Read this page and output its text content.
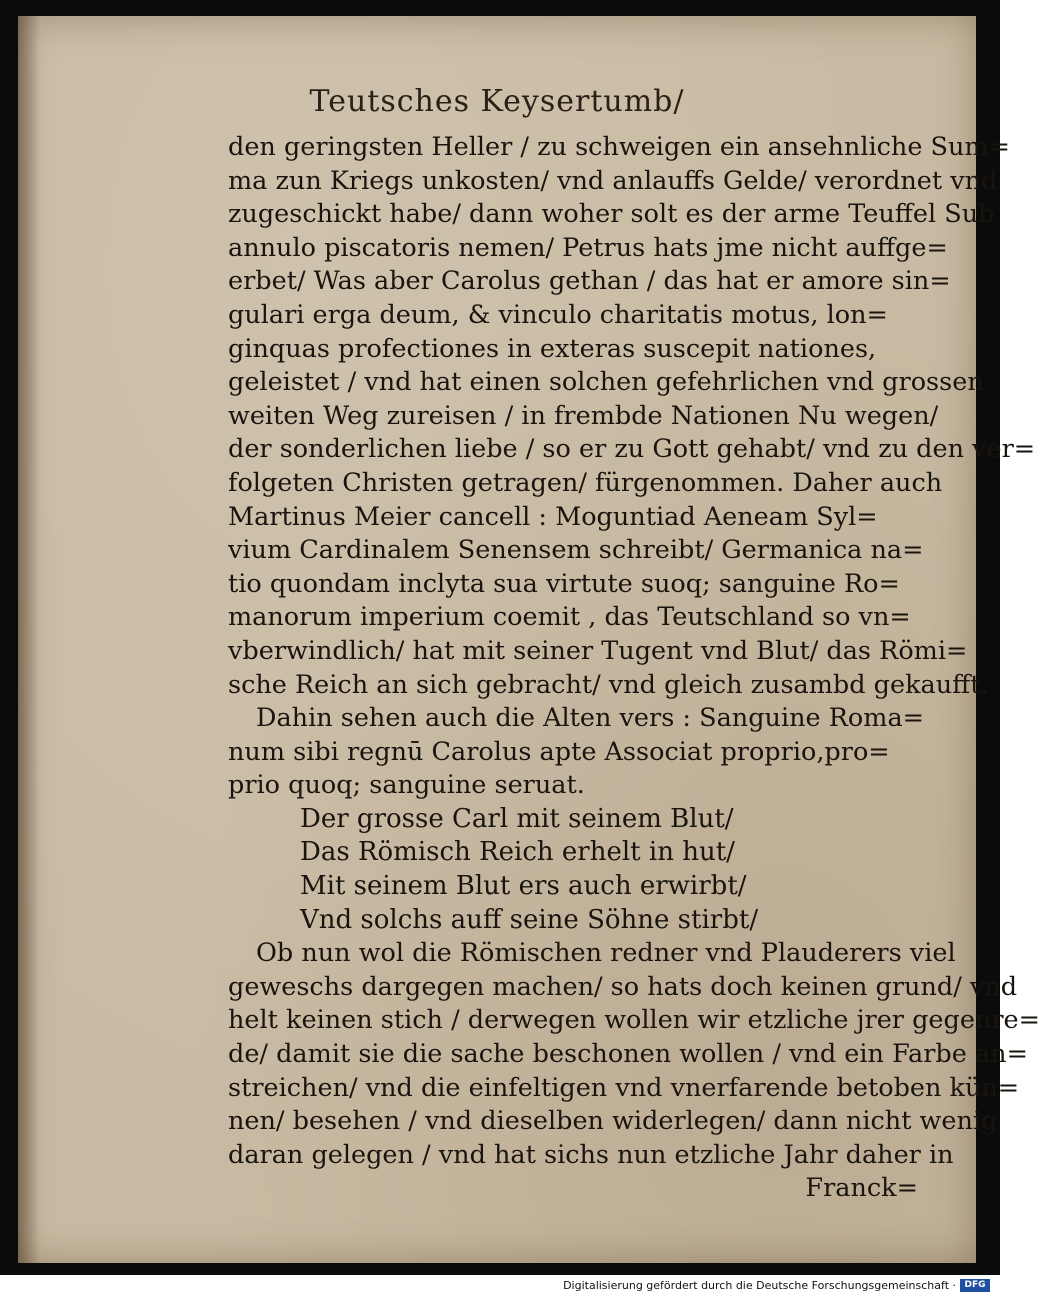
Teutsches Keysertumb/
den geringsten Heller / zu schweigen ein ansehnliche Sum=
ma zun Kriegs unkosten/ vnd anlauffs Gelde/ verordnet vnd
zugeschickt habe/ dann woher solt es der arme Teuffel Sub
annulo piscatoris nemen/ Petrus hats jme nicht auffge=
erbet/ Was aber Carolus gethan / das hat er amore sin=
gulari erga deum, & vinculo charitatis motus, lon=
ginquas profectiones in exteras suscepit nationes,
geleistet / vnd hat einen solchen gefehrlichen vnd grossen
weiten Weg zureisen / in frembde Nationen Nu wegen/
der sonderlichen liebe / so er zu Gott gehabt/ vnd zu den ver=
folgeten Christen getragen/ fürgenommen. Daher auch
Martinus Meier cancell : Moguntiad Aeneam Syl=
vium Cardinalem Senensem schreibt/ Germanica na=
tio quondam inclyta sua virtute suoq; sanguine Ro=
manorum imperium coemit , das Teutschland so vn=
vberwindlich/ hat mit seiner Tugent vnd Blut/ das Römi=
sche Reich an sich gebracht/ vnd gleich zusambd gekaufft.
Dahin sehen auch die Alten vers : Sanguine Roma=
num sibi regnū Carolus apte Associat proprio,pro=
prio quoq; sanguine seruat.
Der grosse Carl mit seinem Blut/
Das Römisch Reich erhelt in hut/
Mit seinem Blut ers auch erwirbt/
Vnd solchs auff seine Söhne stirbt/
Ob nun wol die Römischen redner vnd Plauderers viel
geweschs dargegen machen/ so hats doch keinen grund/ vnd
helt keinen stich / derwegen wollen wir etzliche jrer gegenre=
de/ damit sie die sache beschonen wollen / vnd ein Farbe an=
streichen/ vnd die einfeltigen vnd vnerfarende betoben kün=
nen/ besehen / vnd dieselben widerlegen/ dann nicht wenig
daran gelegen / vnd hat sichs nun etzliche Jahr daher in
Franck=
Digitalisierung gefördert durch die Deutsche Forschungsgemeinschaft · DFG
